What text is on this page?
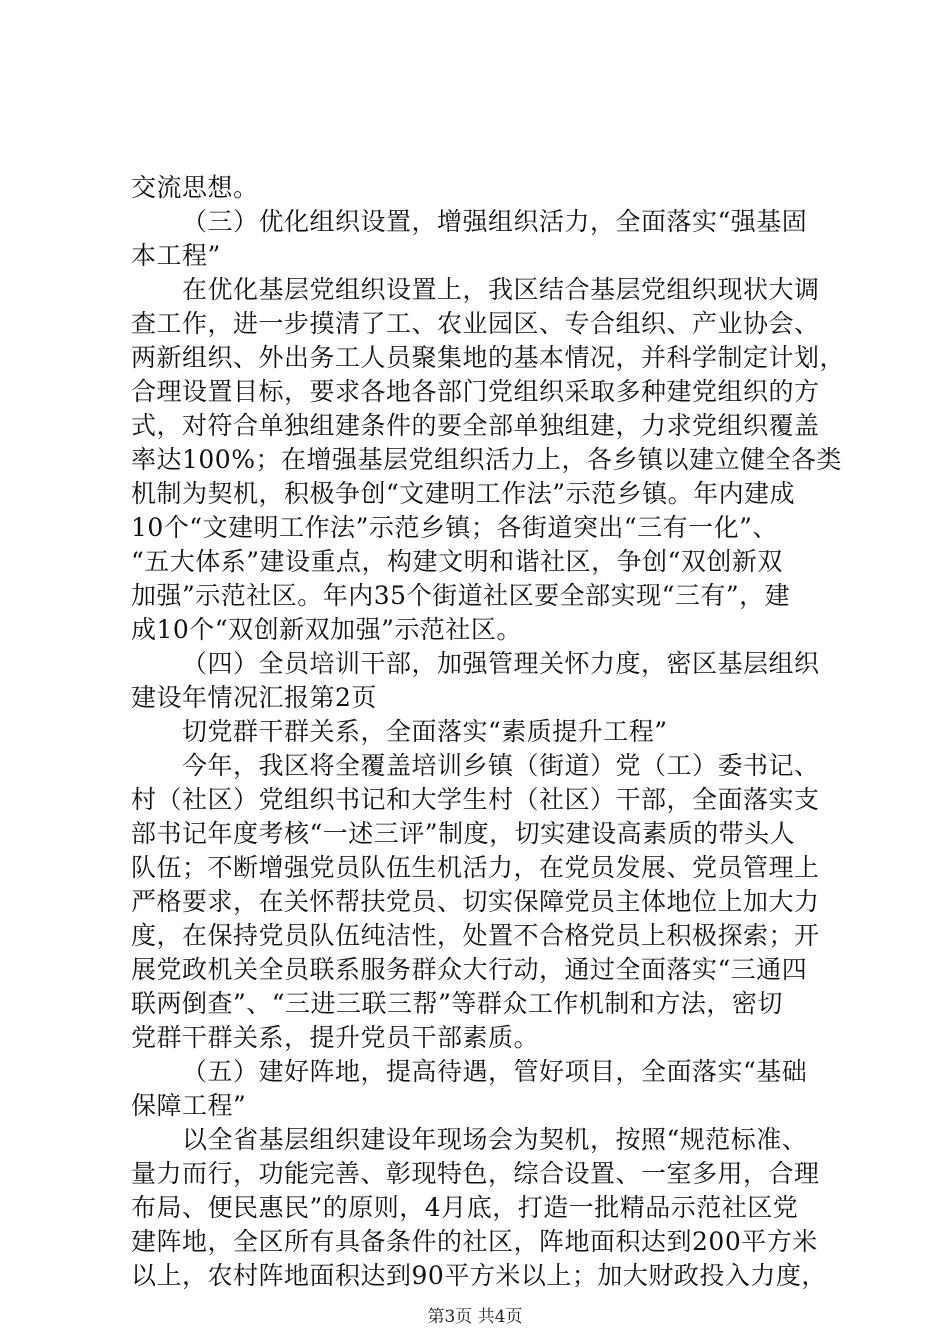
交流思想。
（三）优化组织设置，增强组织活力，全面落实“强基固
本工程”
在优化基层党组织设置上，我区结合基层党组织现状大调
查工作，进一步摸清了工、农业园区、专合组织、产业协会、
两新组织、外出务工人员聚集地的基本情况，并科学制定计划，
合理设置目标，要求各地各部门党组织采取多种建党组织的方
式，对符合单独组建条件的要全部单独组建，力求党组织覆盖
率达100%；在增强基层党组织活力上，各乡镇以建立健全各类
机制为契机，积极争创“文建明工作法”示范乡镇。年内建成
10个“文建明工作法”示范乡镇；各街道突出“三有一化”、
“五大体系”建设重点，构建文明和谐社区，争创“双创新双
加强”示范社区。年内35个街道社区要全部实现“三有”，建
成10个“双创新双加强”示范社区。
（四）全员培训干部，加强管理关怀力度，密区基层组织
建设年情况汇报第2页
切党群干群关系，全面落实“素质提升工程”
今年，我区将全覆盖培训乡镇（街道）党（工）委书记、
村（社区）党组织书记和大学生村（社区）干部，全面落实支
部书记年度考核“一述三评”制度，切实建设高素质的带头人
队伍；不断增强党员队伍生机活力，在党员发展、党员管理上
严格要求，在关怀帮扶党员、切实保障党员主体地位上加大力
度，在保持党员队伍纯洁性，处置不合格党员上积极探索；开
展党政机关全员联系服务群众大行动，通过全面落实“三通四
联两倒查”、“三进三联三帮”等群众工作机制和方法，密切
党群干群关系，提升党员干部素质。
（五）建好阵地，提高待遇，管好项目，全面落实“基础
保障工程”
以全省基层组织建设年现场会为契机，按照“规范标准、
量力而行，功能完善、彰现特色，综合设置、一室多用，合理
布局、便民惠民”的原则，4月底，打造一批精品示范社区党
建阵地，全区所有具备条件的社区，阵地面积达到200平方米
以上，农村阵地面积达到90平方米以上；加大财政投入力度，
第3页 共4页
